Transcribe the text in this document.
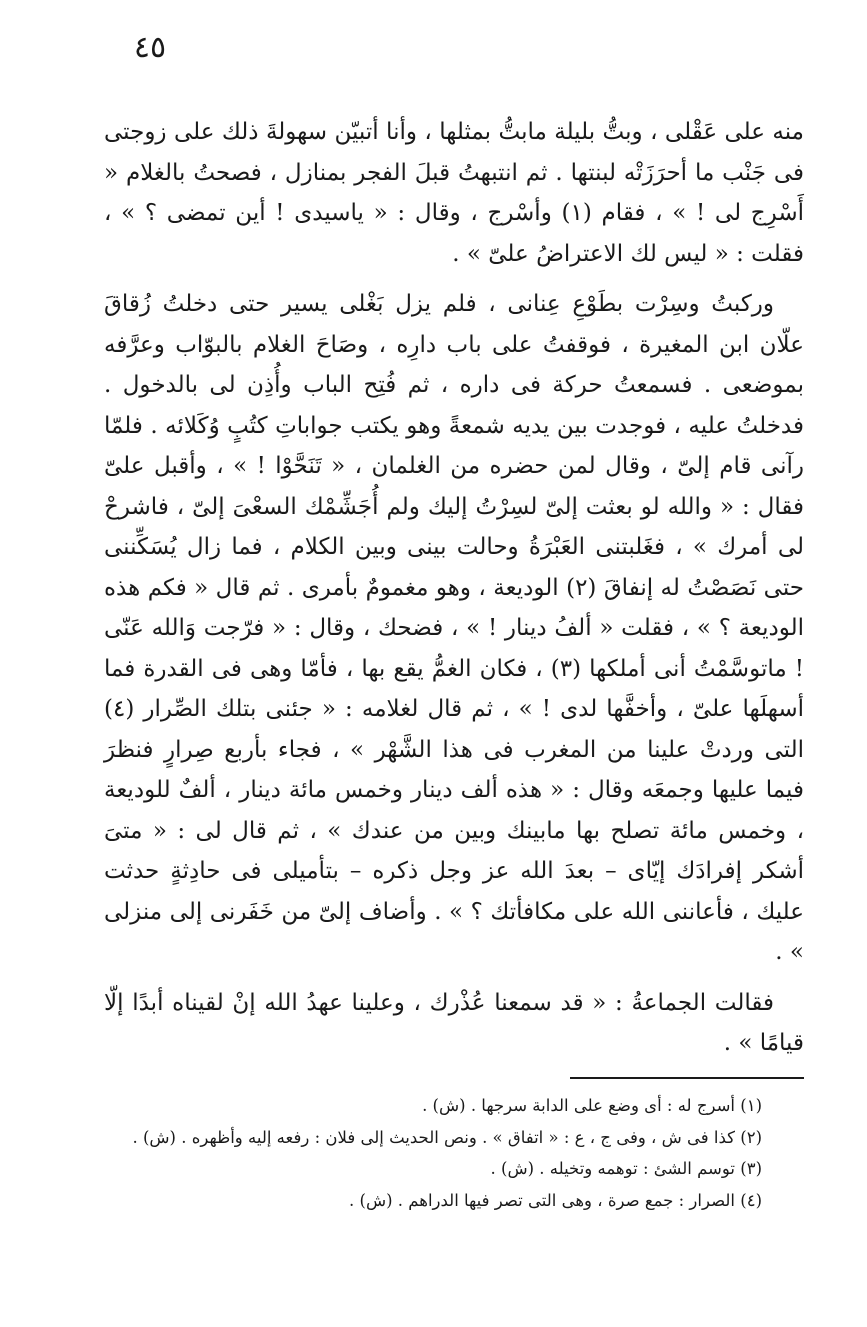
٤٥

منه على عَقْلى ، وبتُّ بليلة مابتُّ بمثلها ، وأنا أتبيّن سهولةَ ذلك على زوجتى فى جَنْب ما أحرَزَتْه لبنتها . ثم انتبهتُ قبلَ الفجر بمنازل ، فصحتُ بالغلام « أَسْرِج لى ! » ، فقام (١) وأسْرج ، وقال : « ياسيدى ! أين تمضى ؟ » ، فقلت : « ليس لك الاعتراضُ علىّ » .

وركبتُ وسِرْت بطَوْعِ عِنانى ، فلم يزل بَغْلى يسير حتى دخلتُ زُقاقَ علّان ابن المغيرة ، فوقفتُ على باب دارِه ، وصَاحَ الغلام بالبوّاب وعرَّفه بموضعى . فسمعتُ حركة فى داره ، ثم فُتِح الباب وأُذِن لى بالدخول . فدخلتُ عليه ، فوجدت بين يديه شمعةً وهو يكتب جواباتِ كتُبٍ وُكَلائه . فلمّا رآنى قام إلىّ ، وقال لمن حضره من الغلمان ، « تَنَحَّوْا ! » ، وأقبل علىّ فقال : « والله لو بعثت إلىّ لسِرْتُ إليك ولم أُجَشِّمْك السعْىَ إلىّ ، فاشرحْ لى أمرك » ، فغَلبتنى العَبْرَةُ وحالت بينى وبين الكلام ، فما زال يُسَكِّننى حتى نَصَصْتُ له إنفاقَ (٢) الوديعة ، وهو مغمومٌ بأمرى . ثم قال « فكم هذه الوديعة ؟ » ، فقلت « ألفُ دينار ! » ، فضحك ، وقال : « فرّجت وَالله عَنّى ! ماتوسَّمْتُ أنى أملكها (٣) ، فكان الغمُّ يقع بها ، فأمّا وهى فى القدرة فما أسهلَها علىّ ، وأخفَّها لدى ! » ، ثم قال لغلامه : « جئنى بتلك الصِّرار (٤) التى وردتْ علينا من المغرب فى هذا الشَّهْر » ، فجاء بأربع صِرارٍ فنظرَ فيما عليها وجمعَه وقال : « هذه ألف دينار وخمس مائة دينار ، ألفٌ للوديعة ، وخمس مائة تصلح بها مابينك وبين من عندك » ، ثم قال لى : « متىَ أشكر إفرادَك إيّاى – بعدَ الله عز وجل ذكره – بتأميلى فى حادِثةٍ حدثت عليك ، فأعاننى الله على مكافأتك ؟ » . وأضاف إلىّ من خَفَرنى إلى منزلى » .

فقالت الجماعةُ : « قد سمعنا عُذْرك ، وعلينا عهدُ الله إنْ لقيناه أبدًا إلّا قيامًا » .

(١) أسرج له : أى وضع على الدابة سرجها . (ش) .

(٢) كذا فى ش ، وفى ج ، ع : « اتفاق » . ونص الحديث إلى فلان : رفعه إليه وأظهره . (ش) .

(٣) توسم الشئ : توهمه وتخيله . (ش) .

(٤) الصرار : جمع صرة ، وهى التى تصر فيها الدراهم . (ش) .
